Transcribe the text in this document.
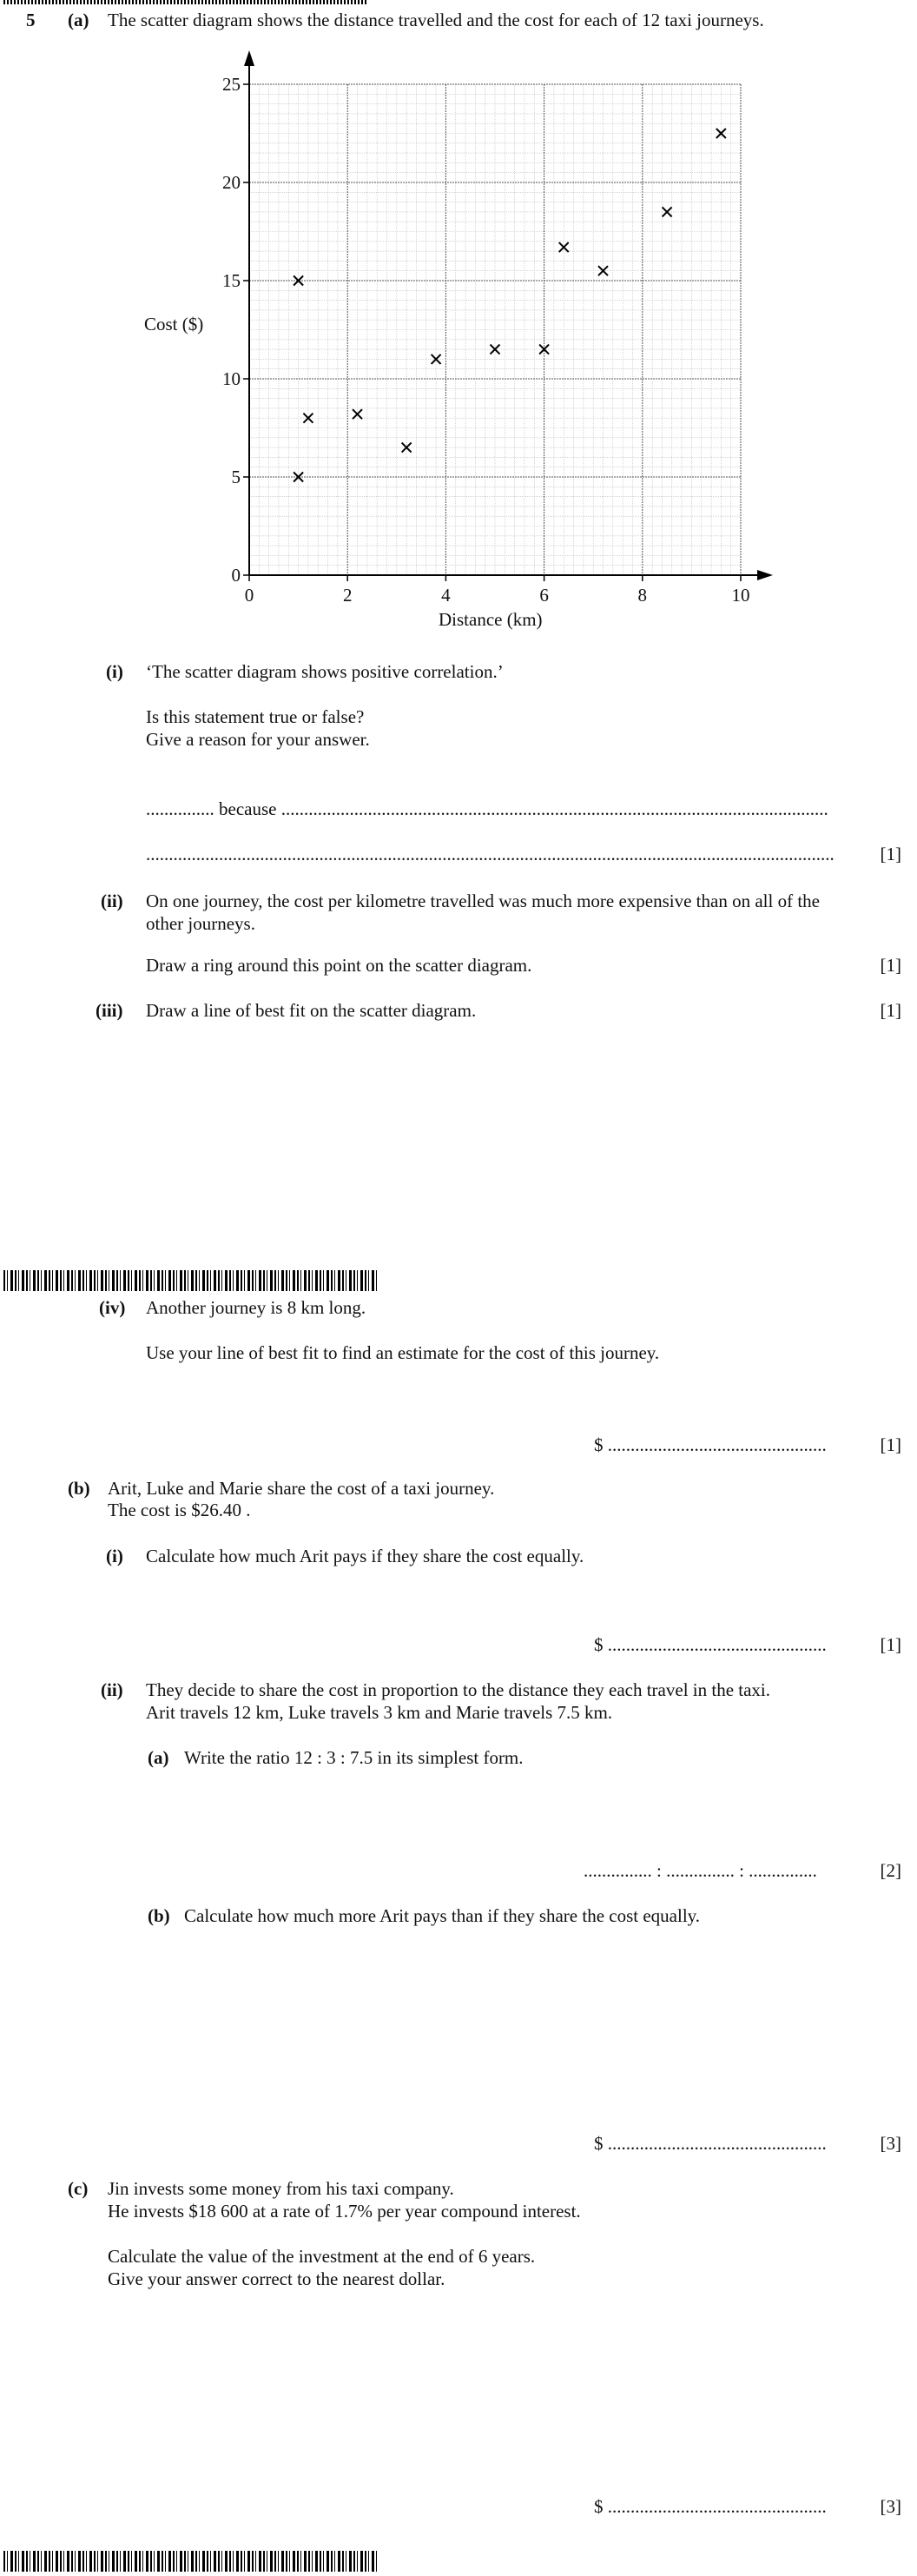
5 (a) The scatter diagram shows the distance travelled and the cost for each of 12 taxi journeys.
Cost ($)
Distance (km)
0	2	4	6	8	10
0
5
10
15
20
25
(i) ‘The scatter diagram shows positive correlation.’
Is this statement true or false?
Give a reason for your answer.
............... because ........................................................................................................................
.......................................................................................................................................................	[1]
(ii) On one journey, the cost per kilometre travelled was much more expensive than on all of the
other journeys.
Draw a ring around this point on the scatter diagram.	[1]
(iii) Draw a line of best fit on the scatter diagram.	[1]
(iv) Another journey is 8 km long.
Use your line of best fit to find an estimate for the cost of this journey.
$ ................................................	[1]
(b) Arit, Luke and Marie share the cost of a taxi journey.
The cost is $26.40 .
(i) Calculate how much Arit pays if they share the cost equally.
$ ................................................	[1]
(ii) They decide to share the cost in proportion to the distance they each travel in the taxi.
Arit travels 12 km, Luke travels 3 km and Marie travels 7.5 km.
(a) Write the ratio 12 : 3 : 7.5 in its simplest form.
............... : ............... : ...............	[2]
(b) Calculate how much more Arit pays than if they share the cost equally.
$ ................................................	[3]
(c) Jin invests some money from his taxi company.
He invests $18 600 at a rate of 1.7% per year compound interest.
Calculate the value of the investment at the end of 6 years.
Give your answer correct to the nearest dollar.
$ ................................................	[3]
